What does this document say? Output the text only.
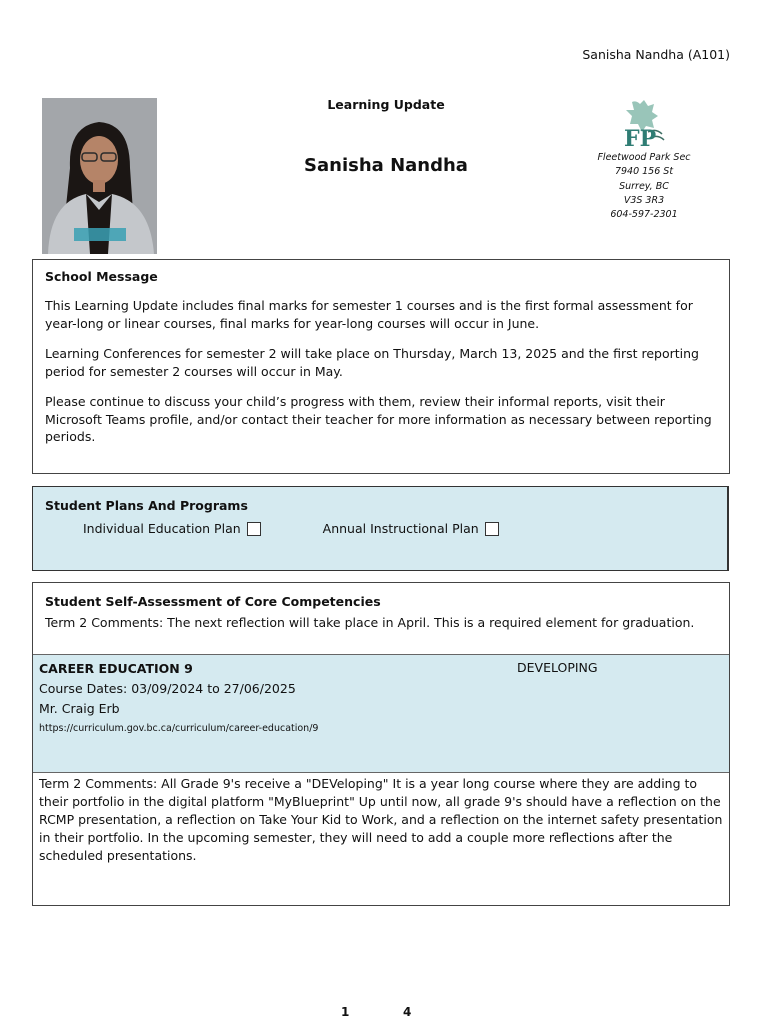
Sanisha Nandha (A101)
Learning Update
Sanisha Nandha
FP
Fleetwood Park Sec
7940 156 St
Surrey, BC
V3S 3R3
604-597-2301
School Message

This Learning Update includes final marks for semester 1 courses and is the first formal assessment for year-long or linear courses, final marks for year-long courses will occur in June.

Learning Conferences for semester 2 will take place on Thursday, March 13, 2025 and the first reporting period for semester 2 courses will occur in May.

Please continue to discuss your child’s progress with them, review their informal reports, visit their Microsoft Teams profile, and/or contact their teacher for more information as necessary between reporting periods.

Student Plans And Programs
Individual Education Plan	Annual Instructional Plan
Student Self-Assessment of Core Competencies
Term 2 Comments: The next reflection will take place in April. This is a required element for graduation.
CAREER EDUCATION 9	DEVELOPING
Course Dates: 03/09/2024 to 27/06/2025
Mr. Craig Erb
https://curriculum.gov.bc.ca/curriculum/career-education/9
Term 2 Comments: All Grade 9's receive a "DEVeloping" It is a year long course where they are adding to their portfolio in the digital platform "MyBlueprint" Up until now, all grade 9's should have a reflection on the RCMP presentation, a reflection on Take Your Kid to Work, and a reflection on the internet safety presentation in their portfolio. In the upcoming semester, they will need to add a couple more reflections after the scheduled presentations.
1	4
